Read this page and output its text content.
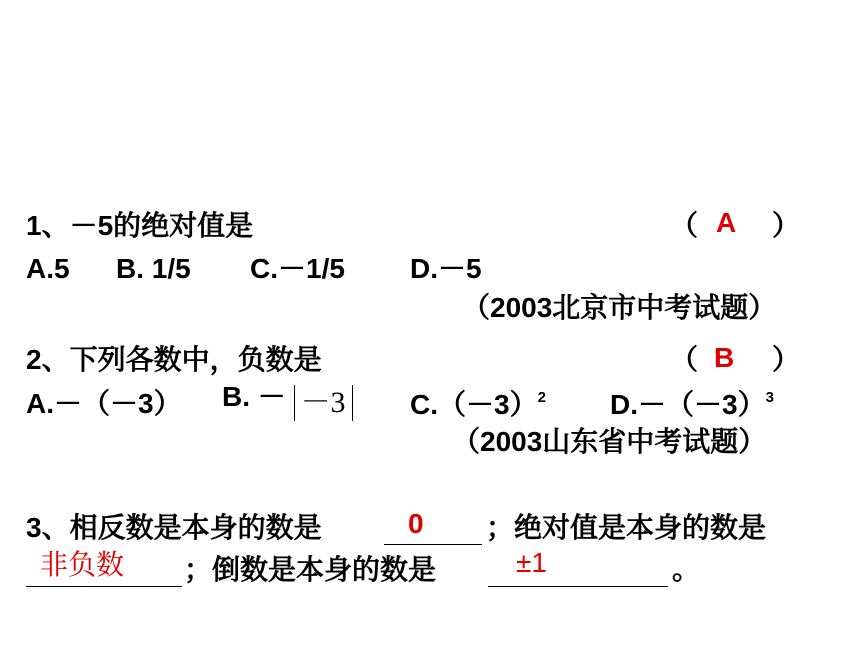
1、－5的绝对值是	（ A ）
A.5 B. 1/5 C.－1/5 D.－5
（2003北京市中考试题）
2、下列各数中，负数是	（ B ）
A.－（－3） B. － －3 $C.(-3)^2$ $D.-(-3)^3$
（2003山东省中考试题）
3、相反数是本身的数是	0 ；绝对值是本身的数是
非负数 ；倒数是本身的数是	±1	。
